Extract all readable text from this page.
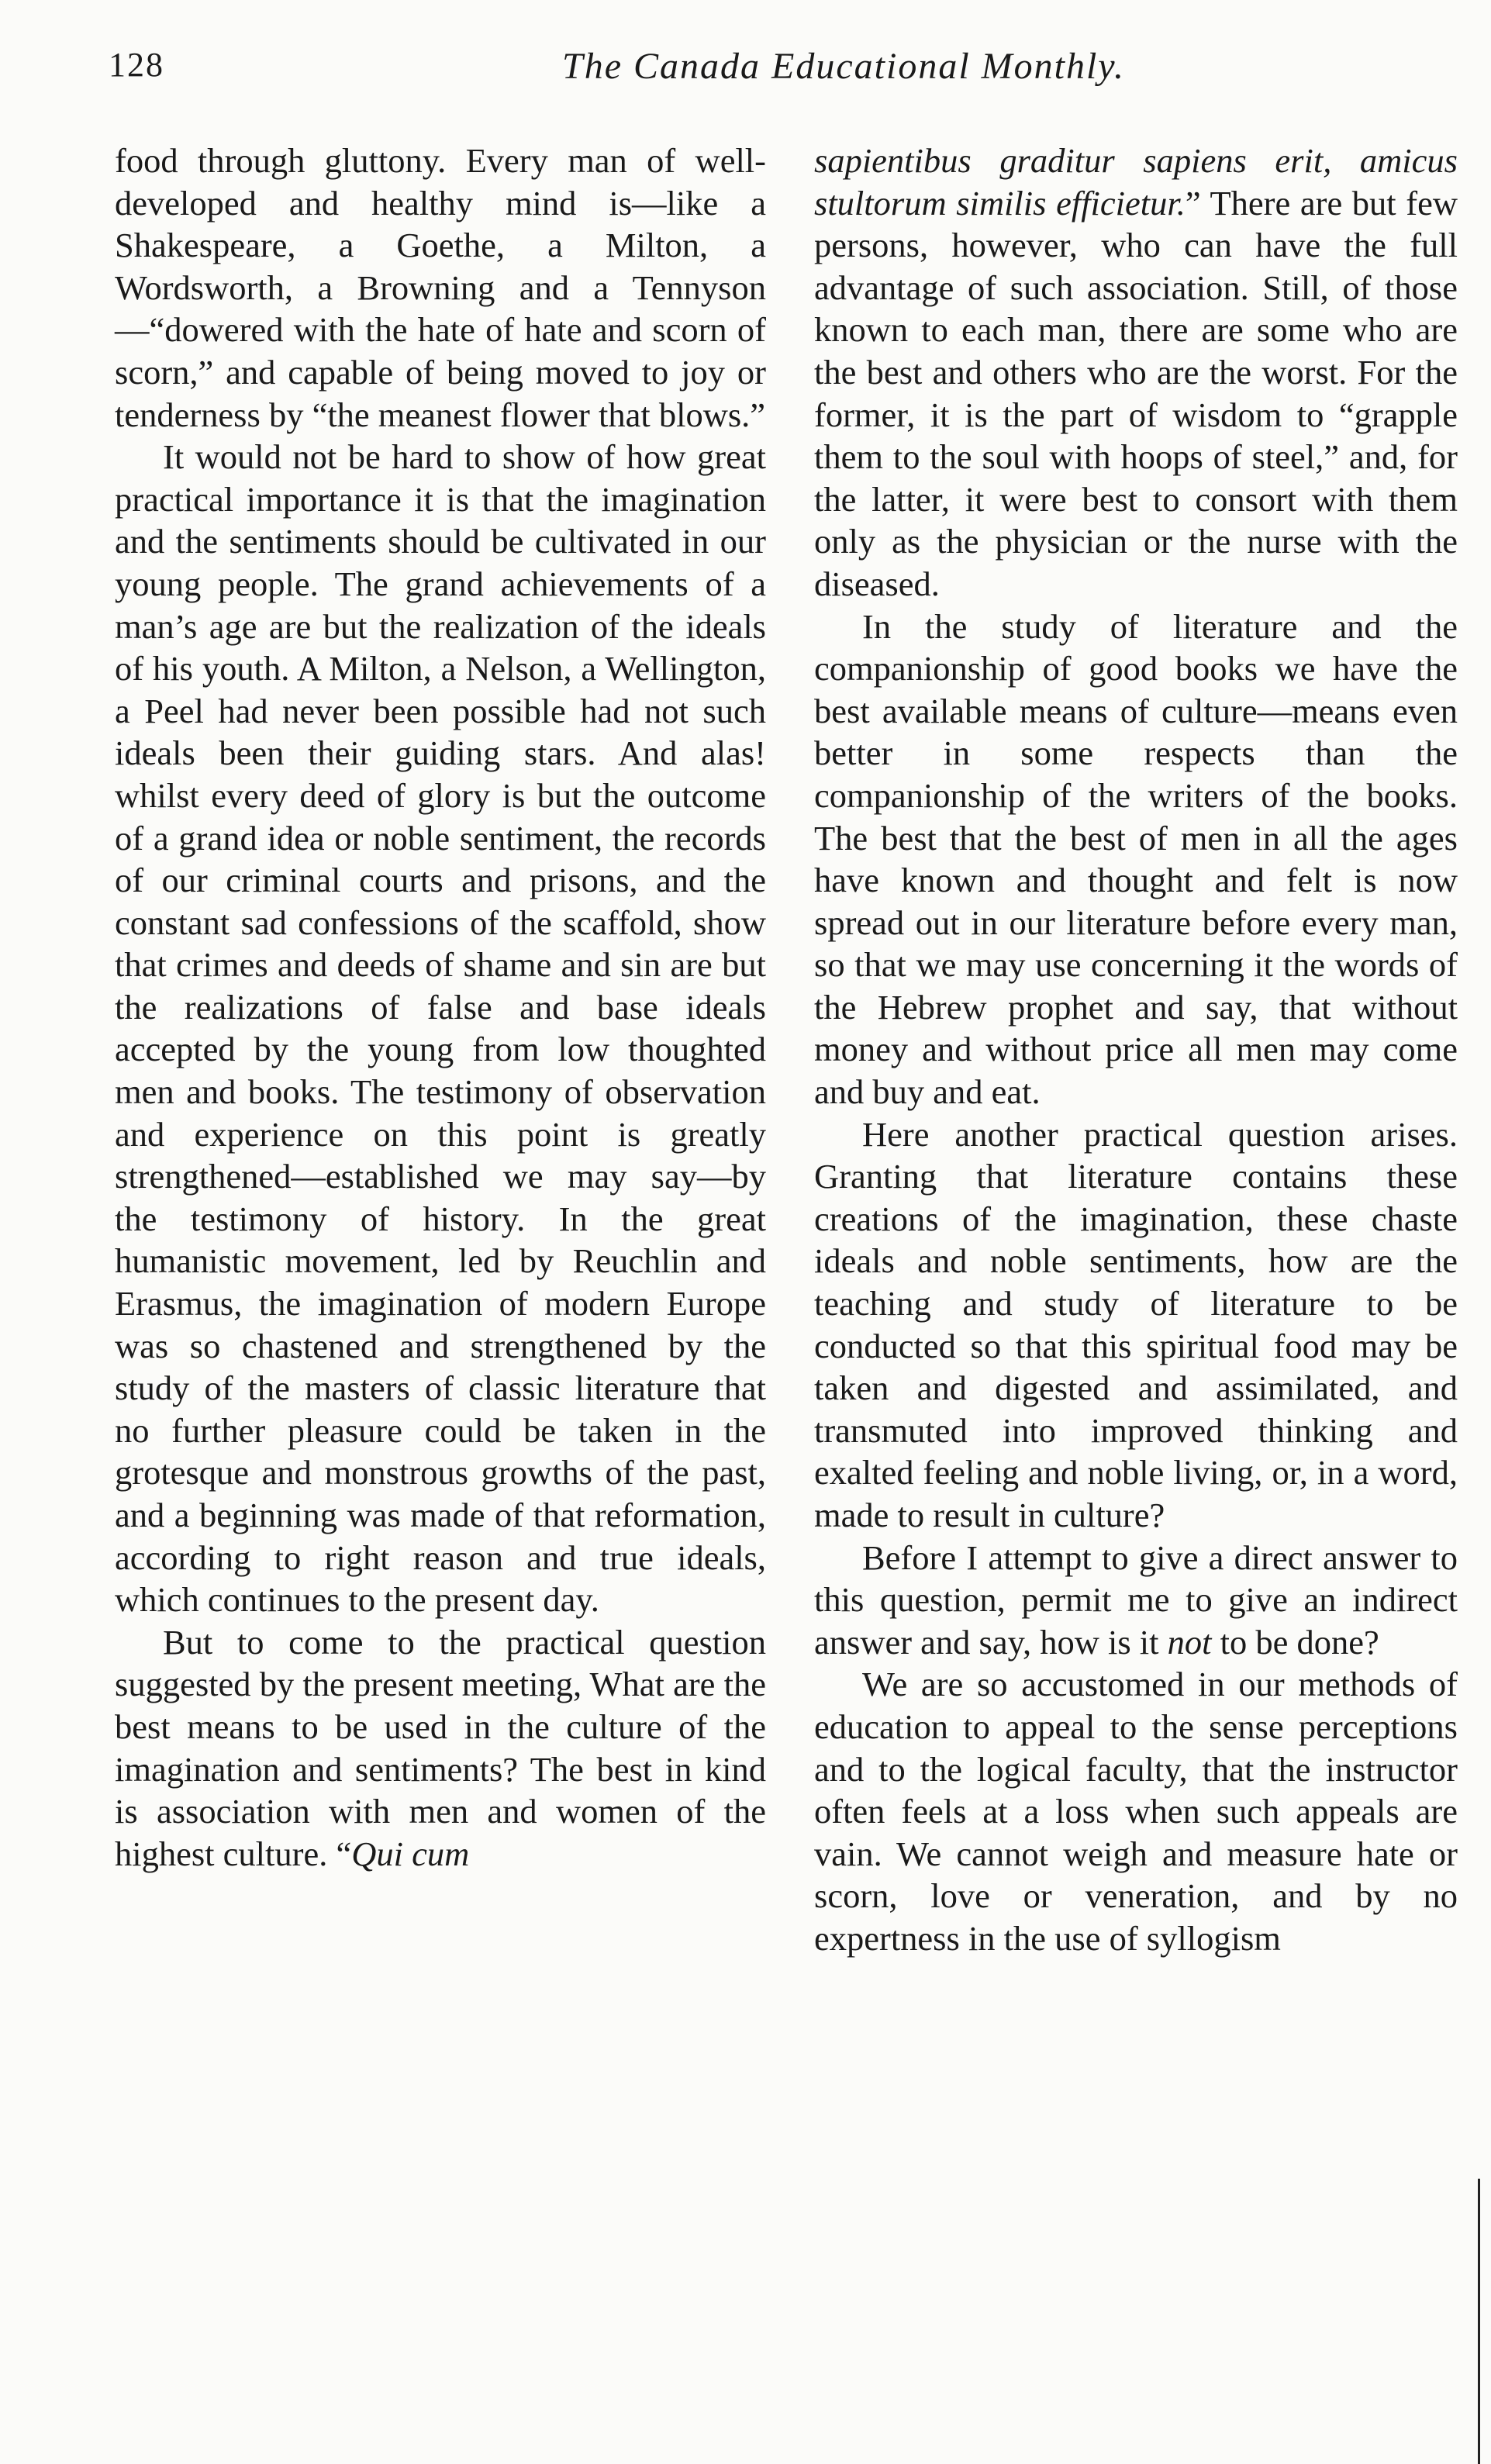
128	The Canada Educational Monthly.

food through gluttony. Every man of well-developed and healthy mind is—like a Shakespeare, a Goethe, a Milton, a Wordsworth, a Browning and a Tennyson —“dowered with the hate of hate and scorn of scorn,” and capable of being moved to joy or tenderness by “the meanest flower that blows.”

It would not be hard to show of how great practical importance it is that the imagination and the sentiments should be cultivated in our young people. The grand achievements of a man’s age are but the realization of the ideals of his youth. A Milton, a Nelson, a Wellington, a Peel had never been possible had not such ideals been their guiding stars. And alas! whilst every deed of glory is but the outcome of a grand idea or noble sentiment, the records of our criminal courts and prisons, and the constant sad confessions of the scaffold, show that crimes and deeds of shame and sin are but the realizations of false and base ideals accepted by the young from low thoughted men and books. The testimony of observation and experience on this point is greatly strengthened—established we may say—by the testimony of history. In the great humanistic movement, led by Reuchlin and Erasmus, the imagination of modern Europe was so chastened and strengthened by the study of the masters of classic literature that no further pleasure could be taken in the grotesque and monstrous growths of the past, and a beginning was made of that reformation, according to right reason and true ideals, which continues to the present day.

But to come to the practical question suggested by the present meeting, What are the best means to be used in the culture of the imagination and sentiments? The best in kind is association with men and women of the highest culture. “Qui cum

sapientibus graditur sapiens erit, amicus stultorum similis efficietur.” There are but few persons, however, who can have the full advantage of such association. Still, of those known to each man, there are some who are the best and others who are the worst. For the former, it is the part of wisdom to “grapple them to the soul with hoops of steel,” and, for the latter, it were best to consort with them only as the physician or the nurse with the diseased.

In the study of literature and the companionship of good books we have the best available means of culture—means even better in some respects than the companionship of the writers of the books. The best that the best of men in all the ages have known and thought and felt is now spread out in our literature before every man, so that we may use concerning it the words of the Hebrew prophet and say, that without money and without price all men may come and buy and eat.

Here another practical question arises. Granting that literature contains these creations of the imagination, these chaste ideals and noble sentiments, how are the teaching and study of literature to be conducted so that this spiritual food may be taken and digested and assimilated, and transmuted into improved thinking and exalted feeling and noble living, or, in a word, made to result in culture?

Before I attempt to give a direct answer to this question, permit me to give an indirect answer and say, how is it not to be done?

We are so accustomed in our methods of education to appeal to the sense perceptions and to the logical faculty, that the instructor often feels at a loss when such appeals are vain. We cannot weigh and measure hate or scorn, love or veneration, and by no expertness in the use of syllogism
